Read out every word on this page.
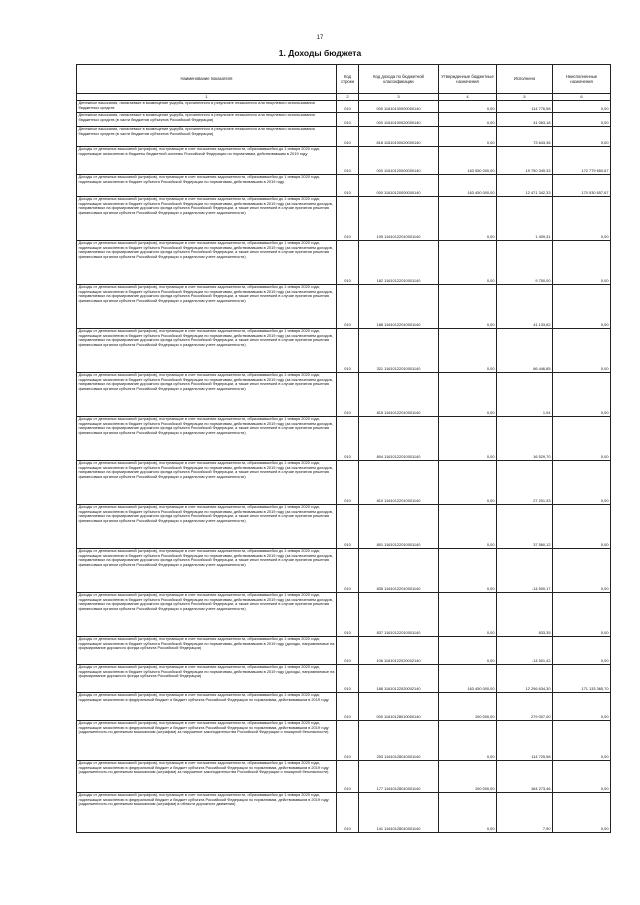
17
1. Доходы бюджета
Наименование показателя	Код строки	Код дохода по бюджетной классификации	Утвержденные бюджетные назначения	Исполнено	Неисполненные назначения
1	2	3	4	5	6
Денежные взыскания, налагаемые в возмещение ущерба, причиненного в результате незаконного или нецелевого использования бюджетных средств	010	000 11610100000000140	0,00	114 776,58	0,00
Денежные взыскания, налагаемые в возмещение ущерба, причиненного в результате незаконного или нецелевого использования бюджетных средств (в части бюджетов субъектов Российской Федерации)	010	000 11610100020000140	0,00	41 063,18	0,00
Денежные взыскания, налагаемые в возмещение ущерба, причиненного в результате незаконного или нецелевого использования бюджетных средств (в части бюджетов субъектов Российской Федерации)	010	818 11610100020000140	0,00	73 643,36	0,00
Доходы от денежных взысканий (штрафов), поступающие в счет погашения задолженности, образовавшейся до 1 января 2020 года, подлежащие зачислению в бюджеты бюджетной системы Российской Федерации по нормативам, действовавшим в 2019 году	010	000 11610120000000140	163 550 000,00	19 750 349,33	172 779 650,67
Доходы от денежных взысканий (штрафов), поступающие в счет погашения задолженности, образовавшейся до 1 января 2020 года, подлежащие зачислению в бюджет субъекта Российской Федерации по нормативам, действовавшим в 2019 году	010	000 11610120000000140	163 450 000,00	12 471 342,33	170 930 657,67
Доходы от денежных взысканий (штрафов), поступающие в счет погашения задолженности, образовавшейся до 1 января 2020 года, подлежащие зачислению в бюджет субъекта Российской Федерации по нормативам, действовавшим в 2019 году (за исключением доходов, направляемых на формирование дорожного фонда субъекта Российской Федерации, а также иных платежей в случае принятия решения финансовым органом субъекта Российской Федерации о раздельном учете задолженности)	010	105 11610122010001140	0,00	1 409,31	0,00
Доходы от денежных взысканий (штрафов), поступающие в счет погашения задолженности, образовавшейся до 1 января 2020 года, подлежащие зачислению в бюджет субъекта Российской Федерации по нормативам, действовавшим в 2019 году (за исключением доходов, направляемых на формирование дорожного фонда субъекта Российской Федерации, а также иных платежей в случае принятия решения финансовым органом субъекта Российской Федерации о раздельном учете задолженности)	010	182 11610122010001140	0,00	9 750,00	0,00
Доходы от денежных взысканий (штрафов), поступающие в счет погашения задолженности, образовавшейся до 1 января 2020 года, подлежащие зачислению в бюджет субъекта Российской Федерации по нормативам, действовавшим в 2019 году (за исключением доходов, направляемых на формирование дорожного фонда субъекта Российской Федерации, а также иных платежей в случае принятия решения финансовым органом субъекта Российской Федерации о раздельном учете задолженности)	010	188 11610122010001140	0,00	41 133,62	0,00
Доходы от денежных взысканий (штрафов), поступающие в счет погашения задолженности, образовавшейся до 1 января 2020 года, подлежащие зачислению в бюджет субъекта Российской Федерации по нормативам, действовавшим в 2019 году (за исключением доходов, направляемых на формирование дорожного фонда субъекта Российской Федерации, а также иных платежей в случае принятия решения финансовым органом субъекта Российской Федерации о раздельном учете задолженности)	010	321 11610122010001140	0,00	66 446,85	0,00
Доходы от денежных взысканий (штрафов), поступающие в счет погашения задолженности, образовавшейся до 1 января 2020 года, подлежащие зачислению в бюджет субъекта Российской Федерации по нормативам, действовавшим в 2019 году (за исключением доходов, направляемых на формирование дорожного фонда субъекта Российской Федерации, а также иных платежей в случае принятия решения финансовым органом субъекта Российской Федерации о раздельном учете задолженности)	010	815 11610122010001140	0,00	1,94	0,00
Доходы от денежных взысканий (штрафов), поступающие в счет погашения задолженности, образовавшейся до 1 января 2020 года, подлежащие зачислению в бюджет субъекта Российской Федерации по нормативам, действовавшим в 2019 году (за исключением доходов, направляемых на формирование дорожного фонда субъекта Российской Федерации, а также иных платежей в случае принятия решения финансовым органом субъекта Российской Федерации о раздельном учете задолженности)	010	804 11610122010001140	0,00	16 529,70	0,00
Доходы от денежных взысканий (штрафов), поступающие в счет погашения задолженности, образовавшейся до 1 января 2020 года, подлежащие зачислению в бюджет субъекта Российской Федерации по нормативам, действовавшим в 2019 году (за исключением доходов, направляемых на формирование дорожного фонда субъекта Российской Федерации, а также иных платежей в случае принятия решения финансовым органом субъекта Российской Федерации о раздельном учете задолженности)	010	810 11610122010001140	0,00	27 201,33	0,00
Доходы от денежных взысканий (штрафов), поступающие в счет погашения задолженности, образовавшейся до 1 января 2020 года, подлежащие зачислению в бюджет субъекта Российской Федерации по нормативам, действовавшим в 2019 году (за исключением доходов, направляемых на формирование дорожного фонда субъекта Российской Федерации, а также иных платежей в случае принятия решения финансовым органом субъекта Российской Федерации о раздельном учете задолженности)	010	801 11610122010001140	0,00	37 560,12	0,00
Доходы от денежных взысканий (штрафов), поступающие в счет погашения задолженности, образовавшейся до 1 января 2020 года, подлежащие зачислению в бюджет субъекта Российской Федерации по нормативам, действовавшим в 2019 году (за исключением доходов, направляемых на формирование дорожного фонда субъекта Российской Федерации, а также иных платежей в случае принятия решения финансовым органом субъекта Российской Федерации о раздельном учете задолженности)	010	835 11610122010001140	0,00	-14 500,17	0,00
Доходы от денежных взысканий (штрафов), поступающие в счет погашения задолженности, образовавшейся до 1 января 2020 года, подлежащие зачислению в бюджет субъекта Российской Федерации по нормативам, действовавшим в 2019 году (за исключением доходов, направляемых на формирование дорожного фонда субъекта Российской Федерации, а также иных платежей в случае принятия решения финансовым органом субъекта Российской Федерации о раздельном учете задолженности)	010	837 11610122010001140	0,00	833,35	0,00
Доходы от денежных взысканий (штрафов), поступающие в счет погашения задолженности, образовавшейся до 1 января 2020 года, подлежащие зачислению в бюджет субъекта Российской Федерации по нормативам, действовавшим в 2019 году (доходы, направляемые на формирование дорожного фонда субъекта Российской Федерации)	010	106 11610122020002140	0,00	-14 501,42	0,00
Доходы от денежных взысканий (штрафов), поступающие в счет погашения задолженности, образовавшейся до 1 января 2020 года, подлежащие зачислению в бюджет субъекта Российской Федерации по нормативам, действовавшим в 2019 году (доходы, направляемые на формирование дорожного фонда субъекта Российской Федерации)	010	188 11610122020002140	163 450 000,00	12 296 634,30	171 133 365,70
Доходы от денежных взысканий (штрафов), поступающие в счет погашения задолженности, образовавшейся до 1 января 2020 года, подлежащие зачислению в федеральный бюджет и бюджет субъекта Российской Федерации по нормативам, действовавшим в 2019 году	010	000 11610128010000140	100 000,00	279 007,00	0,00
Доходы от денежных взысканий (штрафов), поступающие в счет погашения задолженности, образовавшейся до 1 января 2020 года, подлежащие зачислению в федеральный бюджет и бюджет субъекта Российской Федерации по нормативам, действовавшим в 2019 году (задолженность по денежным взысканиям (штрафам) за нарушение законодательства Российской Федерации о пожарной безопасности)	010	253 11610128010001140	0,00	114 725,58	0,00
Доходы от денежных взысканий (штрафов), поступающие в счет погашения задолженности, образовавшейся до 1 января 2020 года, подлежащие зачислению в федеральный бюджет и бюджет субъекта Российской Федерации по нормативам, действовавшим в 2019 году (задолженность по денежным взысканиям (штрафам) за нарушение законодательства Российской Федерации о пожарной безопасности)	010	177 11610128010001140	100 000,00	164 273,46	0,00
Доходы от денежных взысканий (штрафов), поступающие в счет погашения задолженности, образовавшейся до 1 января 2020 года, подлежащие зачислению в федеральный бюджет и бюджет субъекта Российской Федерации по нормативам, действовавшим в 2019 году (задолженность по денежным взысканиям (штрафам) в области дорожного движения)	010	141 11610128010001140	0,00	7,90	0,00
